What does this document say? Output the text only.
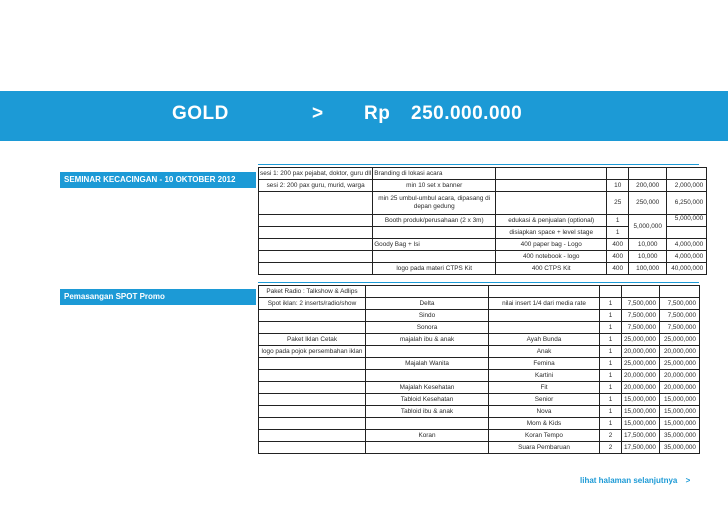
GOLD	> Rp 250.000.000
SEMINAR KECACINGAN - 10 OKTOBER 2012
sesi 1: 200 pax pejabat, doktor, guru dll	Branding di lokasi acara				
sesi 2: 200 pax guru, murid, warga	min 10 set x banner		10	200,000	2,000,000
	min 25 umbul-umbul acara, dipasang di depan gedung		25	250,000	6,250,000
	Booth produk/perusahaan (2 x 3m)	edukasi & penjualan (optional)	1	5,000,000	5,000,000
		disiapkan space + level stage	1		
	Goody Bag + Isi	400 paper bag - Logo	400	10,000	4,000,000
		400 notebook - logo	400	10,000	4,000,000
	logo pada materi CTPS Kit	400 CTPS Kit	400	100,000	40,000,000
Pemasangan SPOT Promo
Paket Radio : Talkshow & Adlips					
Spot iklan: 2 inserts/radio/show	Delta	nilai insert 1/4 dari media rate	1	7,500,000	7,500,000
	Sindo		1	7,500,000	7,500,000
	Sonora		1	7,500,000	7,500,000
Paket Iklan Cetak	majalah ibu & anak	Ayah Bunda	1	25,000,000	25,000,000
logo pada pojok persembahan iklan		Anak	1	20,000,000	20,000,000
	Majalah Wanita	Femina	1	25,000,000	25,000,000
		Kartini	1	20,000,000	20,000,000
	Majalah Kesehatan	Fit	1	20,000,000	20,000,000
	Tabloid Kesehatan	Senior	1	15,000,000	15,000,000
	Tabloid ibu & anak	Nova	1	15,000,000	15,000,000
		Mom & Kids	1	15,000,000	15,000,000
	Koran	Koran Tempo	2	17,500,000	35,000,000
		Suara Pembaruan	2	17,500,000	35,000,000
lihat halaman selanjutnya >
